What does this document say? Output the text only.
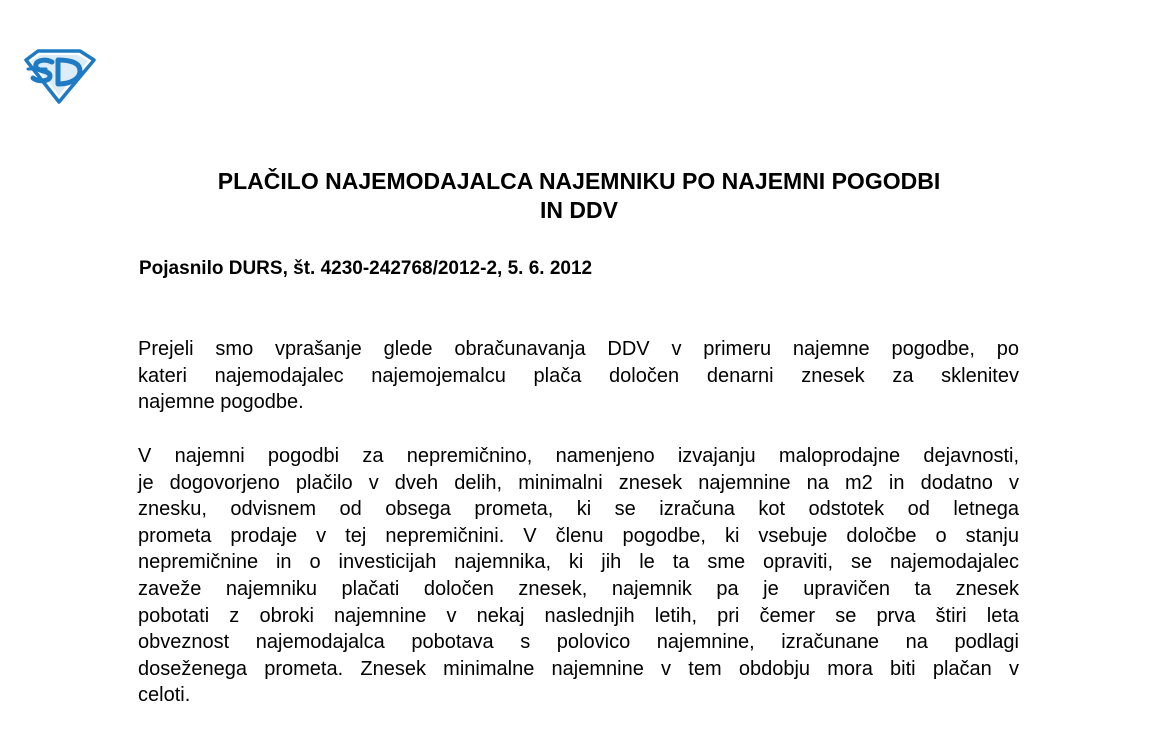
PLAČILO NAJEMODAJALCA NAJEMNIKU PO NAJEMNI POGODBI
IN DDV

Pojasnilo DURS, št. 4230-242768/2012-2, 5. 6. 2012

Prejeli smo vprašanje glede obračunavanja DDV v primeru najemne pogodbe, po
kateri najemodajalec najemojemalcu plača določen denarni znesek za sklenitev
najemne pogodbe.

V najemni pogodbi za nepremičnino, namenjeno izvajanju maloprodajne dejavnosti,
je dogovorjeno plačilo v dveh delih, minimalni znesek najemnine na m2 in dodatno v
znesku, odvisnem od obsega prometa, ki se izračuna kot odstotek od letnega
prometa prodaje v tej nepremičnini. V členu pogodbe, ki vsebuje določbe o stanju
nepremičnine in o investicijah najemnika, ki jih le ta sme opraviti, se najemodajalec
zaveže najemniku plačati določen znesek, najemnik pa je upravičen ta znesek
pobotati z obroki najemnine v nekaj naslednjih letih, pri čemer se prva štiri leta
obveznost najemodajalca pobotava s polovico najemnine, izračunane na podlagi
doseženega prometa. Znesek minimalne najemnine v tem obdobju mora biti plačan v
celoti.
